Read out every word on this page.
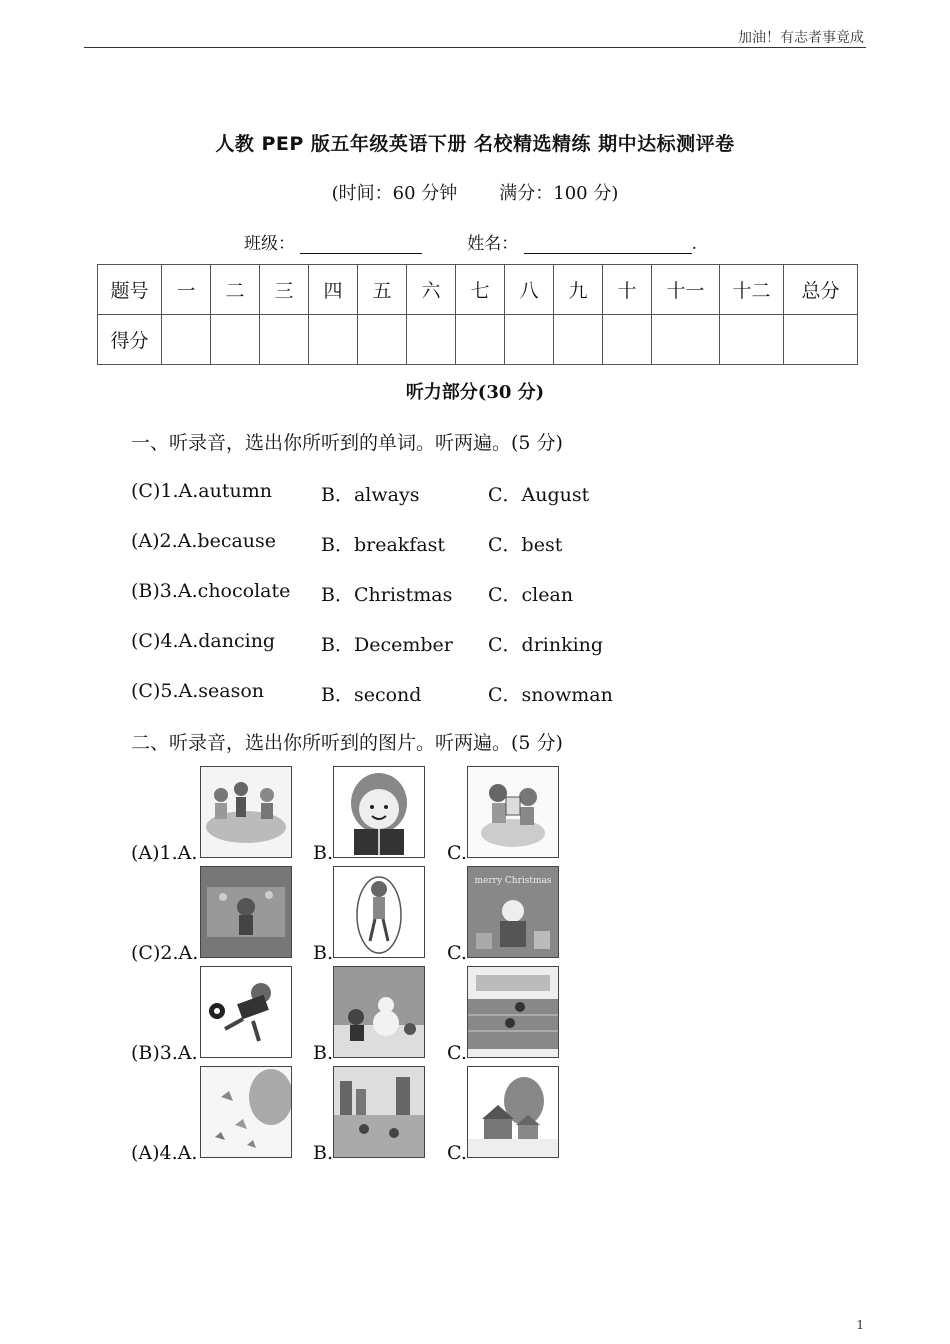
加油！有志者事竟成
人教 PEP 版五年级英语下册 名校精选精练 期中达标测评卷
(时间：60 分钟 满分：100 分)
班级：	姓名：	.
题号	一	二	三	四	五	六	七	八	九	十	十一	十二	总分
得分													
听力部分(30 分)
一、听录音，选出你所听到的单词。听两遍。(5 分)
(C)1.A.autumn	B．always	C．August
(A)2.A.because B．breakfast C．best
(B)3.A.chocolate B．Christmas C．clean
(C)4.A.dancing B．December C．drinking
(C)5.A.season	B．second	C．snowman
二、听录音，选出你所听到的图片。听两遍。(5 分)
(A)1.A.	B.	C.
(C)2.A.	B.	C.
merry Christmas
(B)3.A.	B.	C.
(A)4.A.	B.	C.
1
